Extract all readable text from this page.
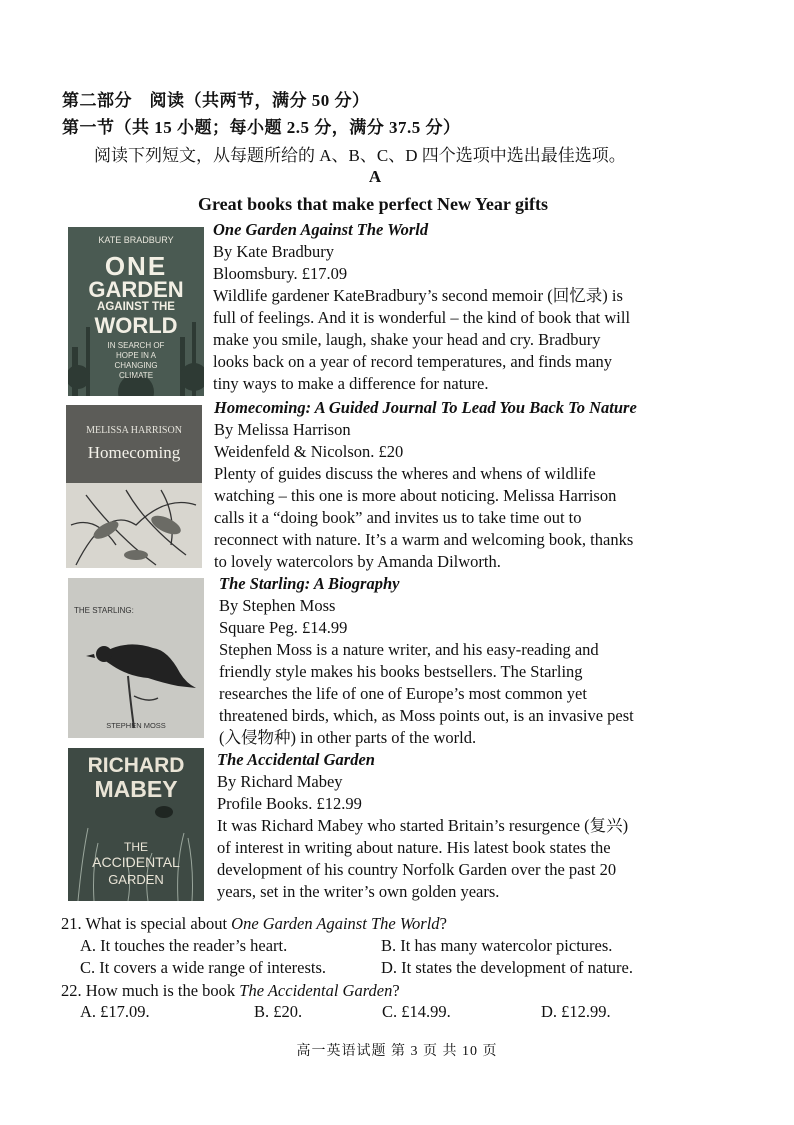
第二部分　阅读（共两节，满分 50 分）
第一节（共 15 小题；每小题 2.5 分，满分 37.5 分）
阅读下列短文，从每题所给的 A、B、C、D 四个选项中选出最佳选项。
A
Great books that make perfect New Year gifts
KATE BRADBURY
ONE
GARDEN
AGAINST THE
WORLD
IN SEARCH OF
HOPE IN A
CHANGING
CLIMATE
One Garden Against The World
By Kate Bradbury
Bloomsbury. £17.09
Wildlife gardener KateBradbury’s second memoir (回忆录) is
full of feelings. And it is wonderful – the kind of book that will
make you smile, laugh, shake your head and cry. Bradbury
looks back on a year of record temperatures, and finds many
tiny ways to make a difference for nature.
MELISSA HARRISON
Homecoming
Homecoming: A Guided Journal To Lead You Back To Nature
By Melissa Harrison
Weidenfeld & Nicolson. £20
Plenty of guides discuss the wheres and whens of wildlife
watching – this one is more about noticing. Melissa Harrison
calls it a “doing book” and invites us to take time out to
reconnect with nature. It’s a warm and welcoming book, thanks
to lovely watercolors by Amanda Dilworth.
THE STARLING:
STEPHEN MOSS
The Starling: A Biography
By Stephen Moss
Square Peg. £14.99
Stephen Moss is a nature writer, and his easy-reading and
friendly style makes his books bestsellers. The Starling
researches the life of one of Europe’s most common yet
threatened birds, which, as Moss points out, is an invasive pest
(入侵物种) in other parts of the world.
RICHARD
MABEY
THE
ACCIDENTAL
GARDEN
The Accidental Garden
By Richard Mabey
Profile Books. £12.99
It was Richard Mabey who started Britain’s resurgence (复兴)
of interest in writing about nature. His latest book states the
development of his country Norfolk Garden over the past 20
years, set in the writer’s own golden years.
21. What is special about One Garden Against The World?
A. It touches the reader’s heart.	B. It has many watercolor pictures.
C. It covers a wide range of interests.	D. It states the development of nature.
22. How much is the book The Accidental Garden?
A. £17.09.	B. £20.	C. £14.99.	D. £12.99.
高一英语试题 第 3 页 共 10 页
